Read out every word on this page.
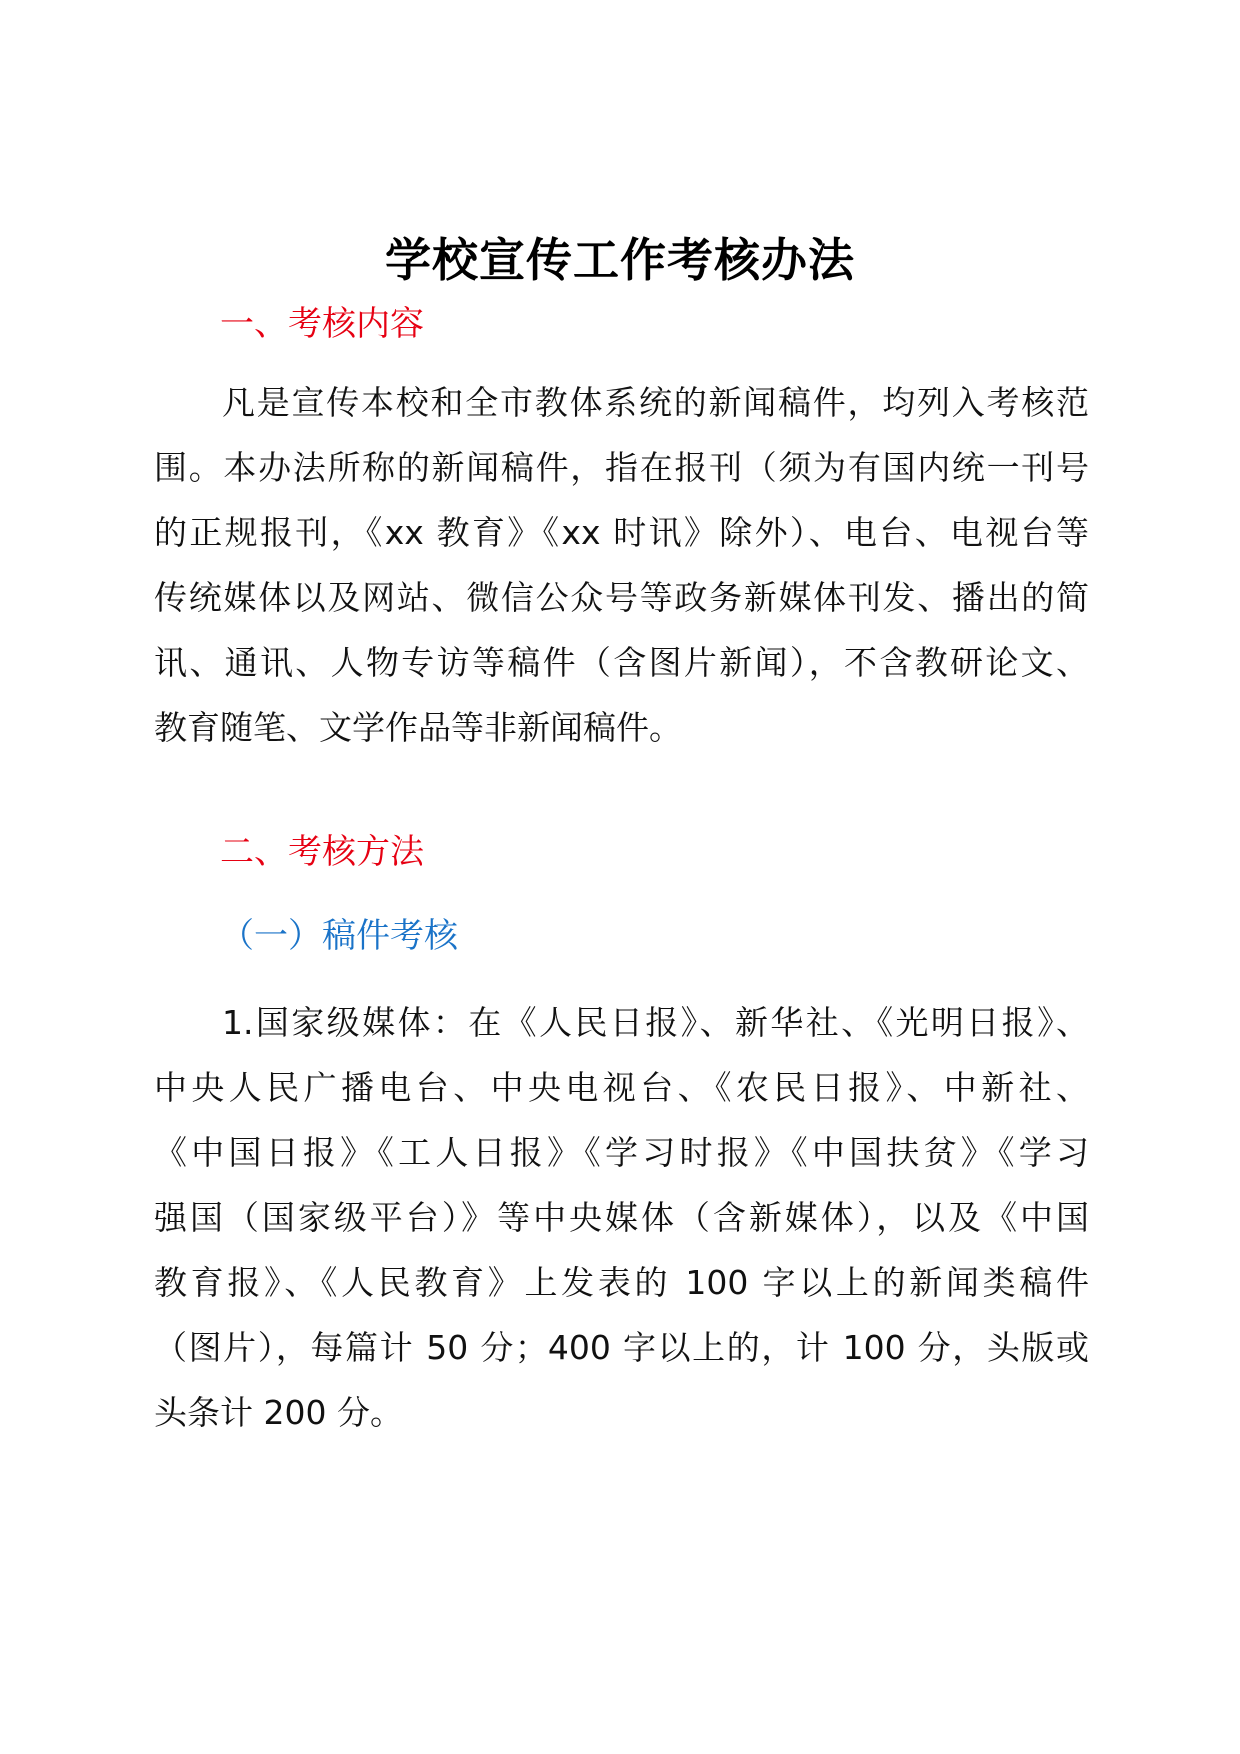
学校宣传工作考核办法
一、考核内容
凡是宣传本校和全市教体系统的新闻稿件，均列入考核范
围。本办法所称的新闻稿件，指在报刊（须为有国内统一刊号
的正规报刊，《xx 教育》《xx 时讯》除外）、电台、电视台等
传统媒体以及网站、微信公众号等政务新媒体刊发、播出的简
讯、通讯、人物专访等稿件（含图片新闻），不含教研论文、
教育随笔、文学作品等非新闻稿件。
二、考核方法
（一）稿件考核
1.国家级媒体：在《人民日报》、新华社、《光明日报》、
中央人民广播电台、中央电视台、《农民日报》、中新社、
《中国日报》《工人日报》《学习时报》《中国扶贫》《学习
强国（国家级平台）》等中央媒体（含新媒体），以及《中国
教育报》、《人民教育》上发表的 100 字以上的新闻类稿件
（图片），每篇计 50 分；400 字以上的，计 100 分，头版或
头条计 200 分。
